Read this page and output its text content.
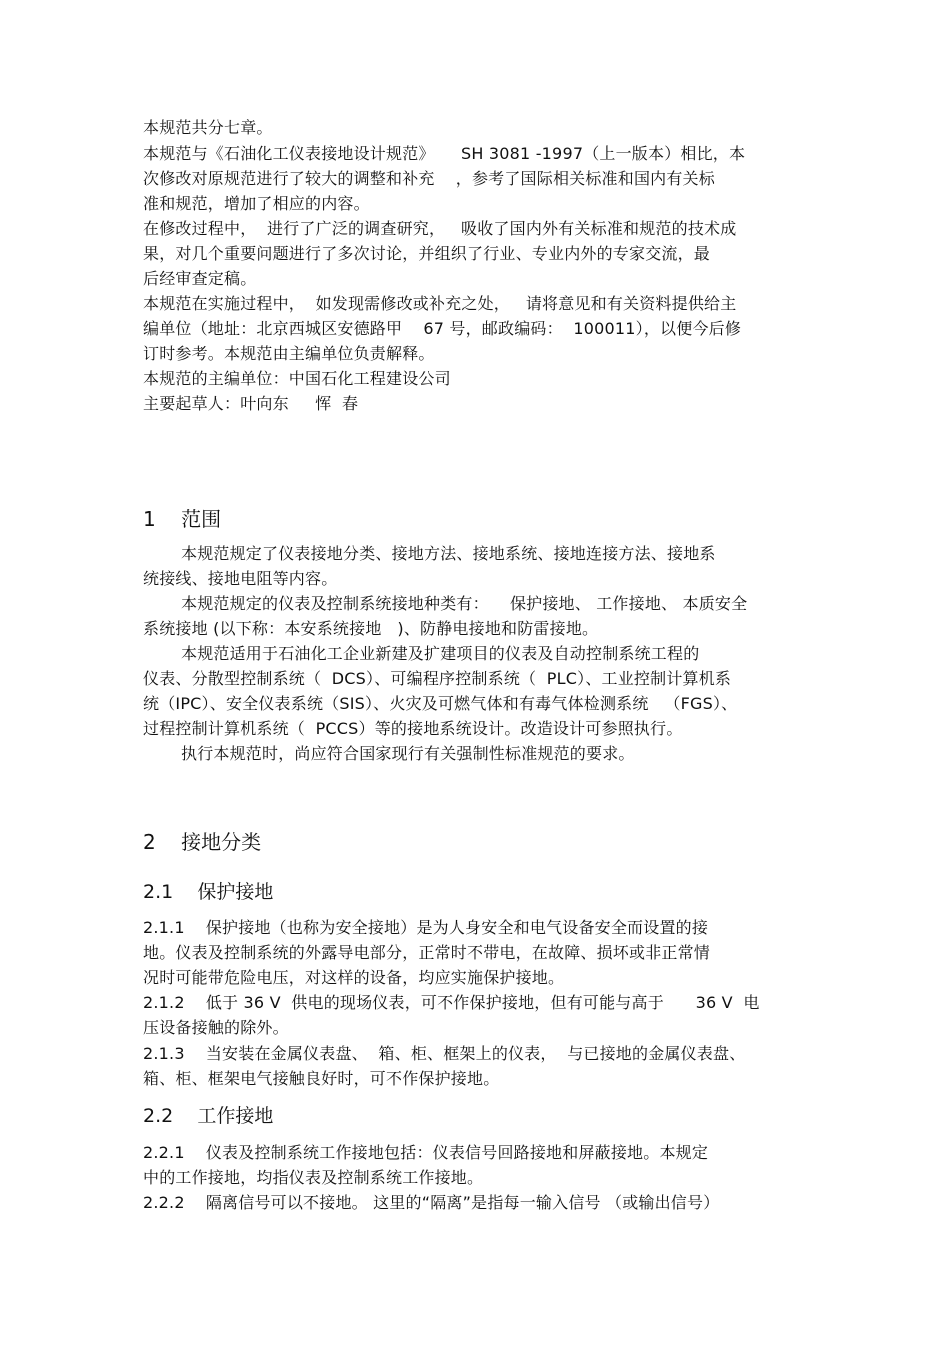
本规范共分七章。
本规范与《石油化工仪表接地设计规范》     SH 3081 -1997（上一版本）相比，本
次修改对原规范进行了较大的调整和补充    ，参考了国际相关标准和国内有关标
准和规范，增加了相应的内容。
在修改过程中，  进行了广泛的调查研究，   吸收了国内外有关标准和规范的技术成
果，对几个重要问题进行了多次讨论，并组织了行业、专业内外的专家交流，最
后经审查定稿。
本规范在实施过程中，  如发现需修改或补充之处，   请将意见和有关资料提供给主
编单位（地址：北京西城区安德路甲    67 号，邮政编码：  100011），以便今后修
订时参考。本规范由主编单位负责解释。
本规范的主编单位：中国石化工程建设公司
主要起草人：叶向东     恽  春
1    范围
本规范规定了仪表接地分类、接地方法、接地系统、接地连接方法、接地系
统接线、接地电阻等内容。
本规范规定的仪表及控制系统接地种类有：    保护接地、 工作接地、 本质安全
系统接地 (以下称：本安系统接地   )、防静电接地和防雷接地。
本规范适用于石油化工企业新建及扩建项目的仪表及自动控制系统工程的
仪表、分散型控制系统（  DCS）、可编程序控制系统（  PLC）、工业控制计算机系
统（IPC）、安全仪表系统（SIS）、火灾及可燃气体和有毒气体检测系统   （FGS）、
过程控制计算机系统（  PCCS）等的接地系统设计。改造设计可参照执行。
执行本规范时，尚应符合国家现行有关强制性标准规范的要求。
2    接地分类
2.1    保护接地
2.1.1    保护接地（也称为安全接地）是为人身安全和电气设备安全而设置的接
地。仪表及控制系统的外露导电部分，正常时不带电，在故障、损坏或非正常情
况时可能带危险电压，对这样的设备，均应实施保护接地。
2.1.2    低于 36 V  供电的现场仪表，可不作保护接地，但有可能与高于      36 V  电
压设备接触的除外。
2.1.3    当安装在金属仪表盘、  箱、柜、框架上的仪表，  与已接地的金属仪表盘、
箱、柜、框架电气接触良好时，可不作保护接地。
2.2    工作接地
2.2.1    仪表及控制系统工作接地包括：仪表信号回路接地和屏蔽接地。本规定
中的工作接地，均指仪表及控制系统工作接地。
2.2.2    隔离信号可以不接地。 这里的“隔离”是指每一输入信号 （或输出信号）
